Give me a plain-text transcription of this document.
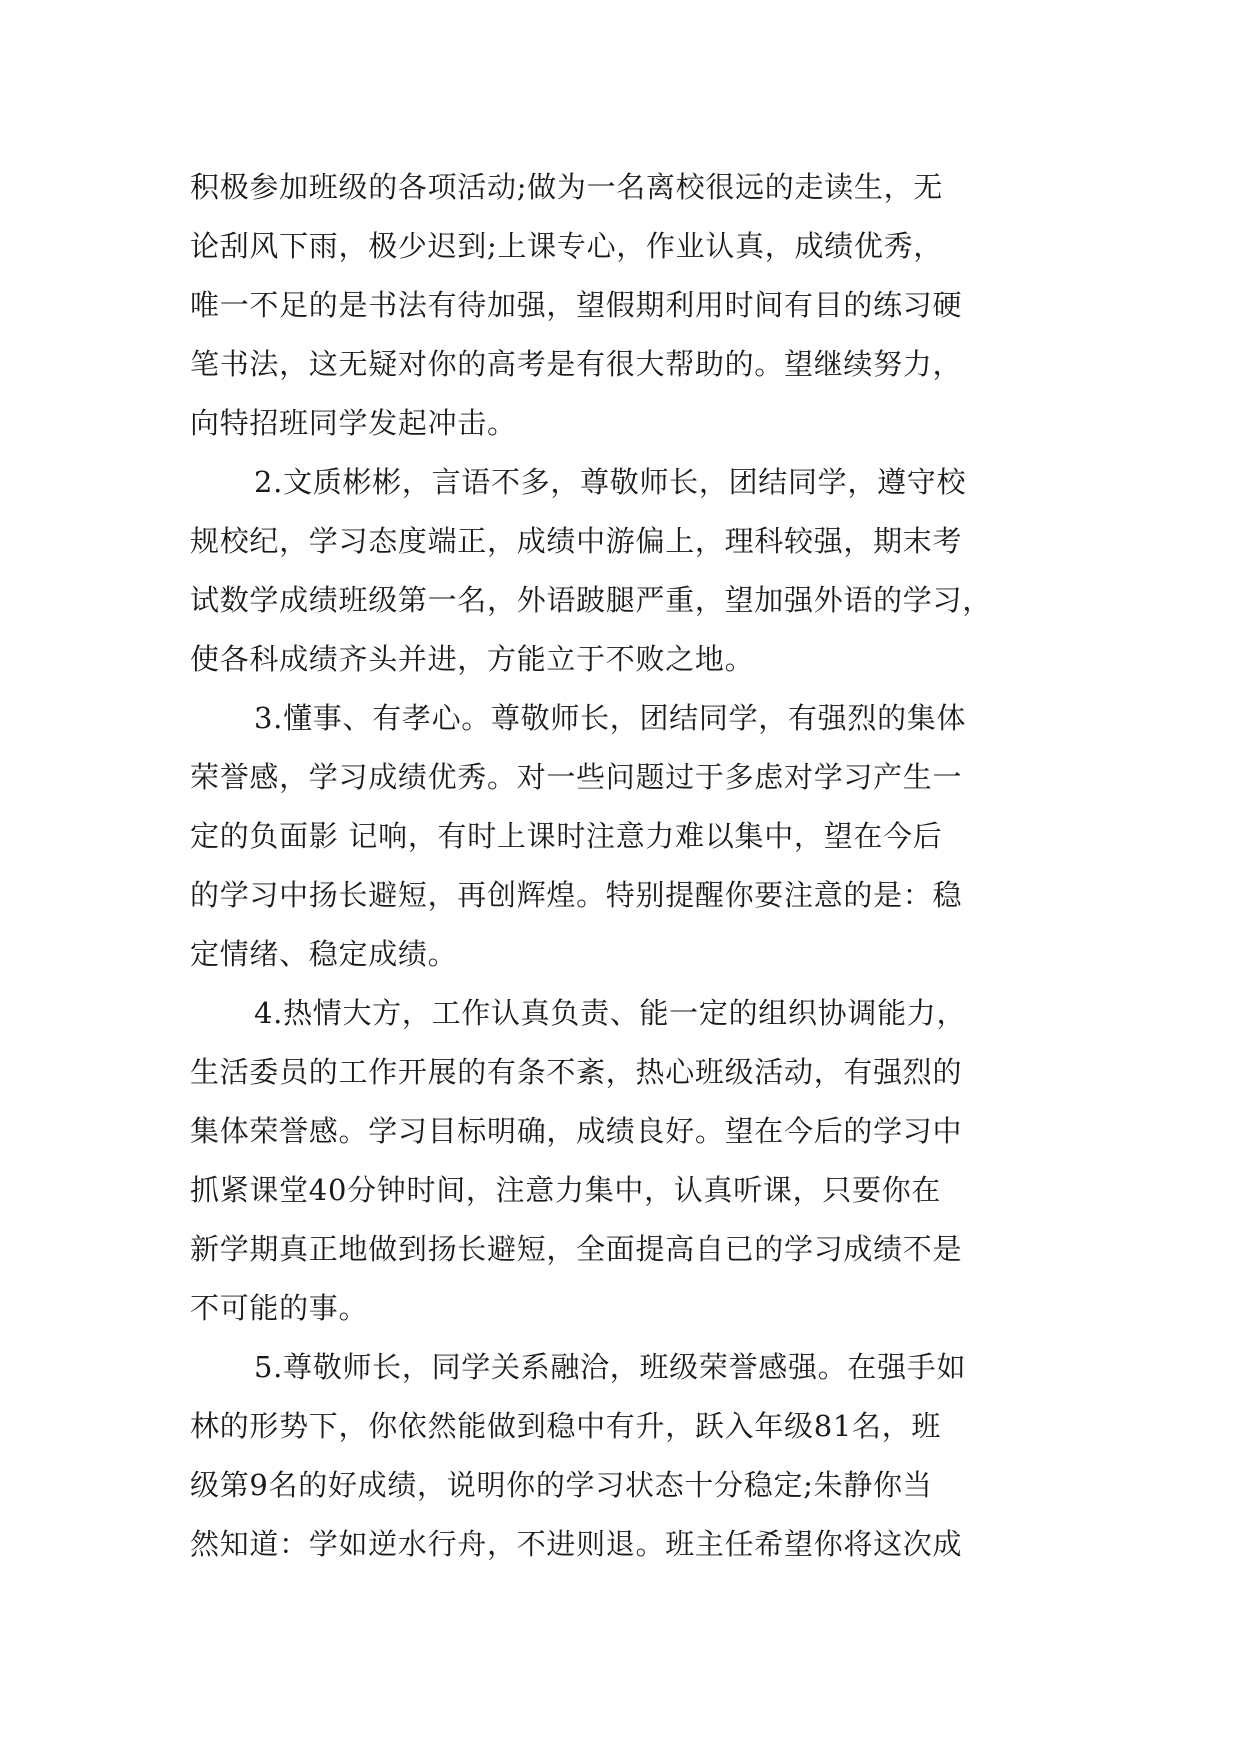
积极参加班级的各项活动;做为一名离校很远的走读生，无
论刮风下雨，极少迟到;上课专心，作业认真，成绩优秀，
唯一不足的是书法有待加强，望假期利用时间有目的练习硬
笔书法，这无疑对你的高考是有很大帮助的。望继续努力，
向特招班同学发起冲击。
2.文质彬彬，言语不多，尊敬师长，团结同学，遵守校
规校纪，学习态度端正，成绩中游偏上，理科较强，期末考
试数学成绩班级第一名，外语跛腿严重，望加强外语的学习，
使各科成绩齐头并进，方能立于不败之地。
3.懂事、有孝心。尊敬师长，团结同学，有强烈的集体
荣誉感，学习成绩优秀。对一些问题过于多虑对学习产生一
定的负面影 记响，有时上课时注意力难以集中，望在今后
的学习中扬长避短，再创辉煌。特别提醒你要注意的是：稳
定情绪、稳定成绩。
4.热情大方，工作认真负责、能一定的组织协调能力，
生活委员的工作开展的有条不紊，热心班级活动，有强烈的
集体荣誉感。学习目标明确，成绩良好。望在今后的学习中
抓紧课堂40分钟时间，注意力集中，认真听课，只要你在
新学期真正地做到扬长避短，全面提高自已的学习成绩不是
不可能的事。
5.尊敬师长，同学关系融洽，班级荣誉感强。在强手如
林的形势下，你依然能做到稳中有升，跃入年级81名，班
级第9名的好成绩，说明你的学习状态十分稳定;朱静你当
然知道：学如逆水行舟，不进则退。班主任希望你将这次成
